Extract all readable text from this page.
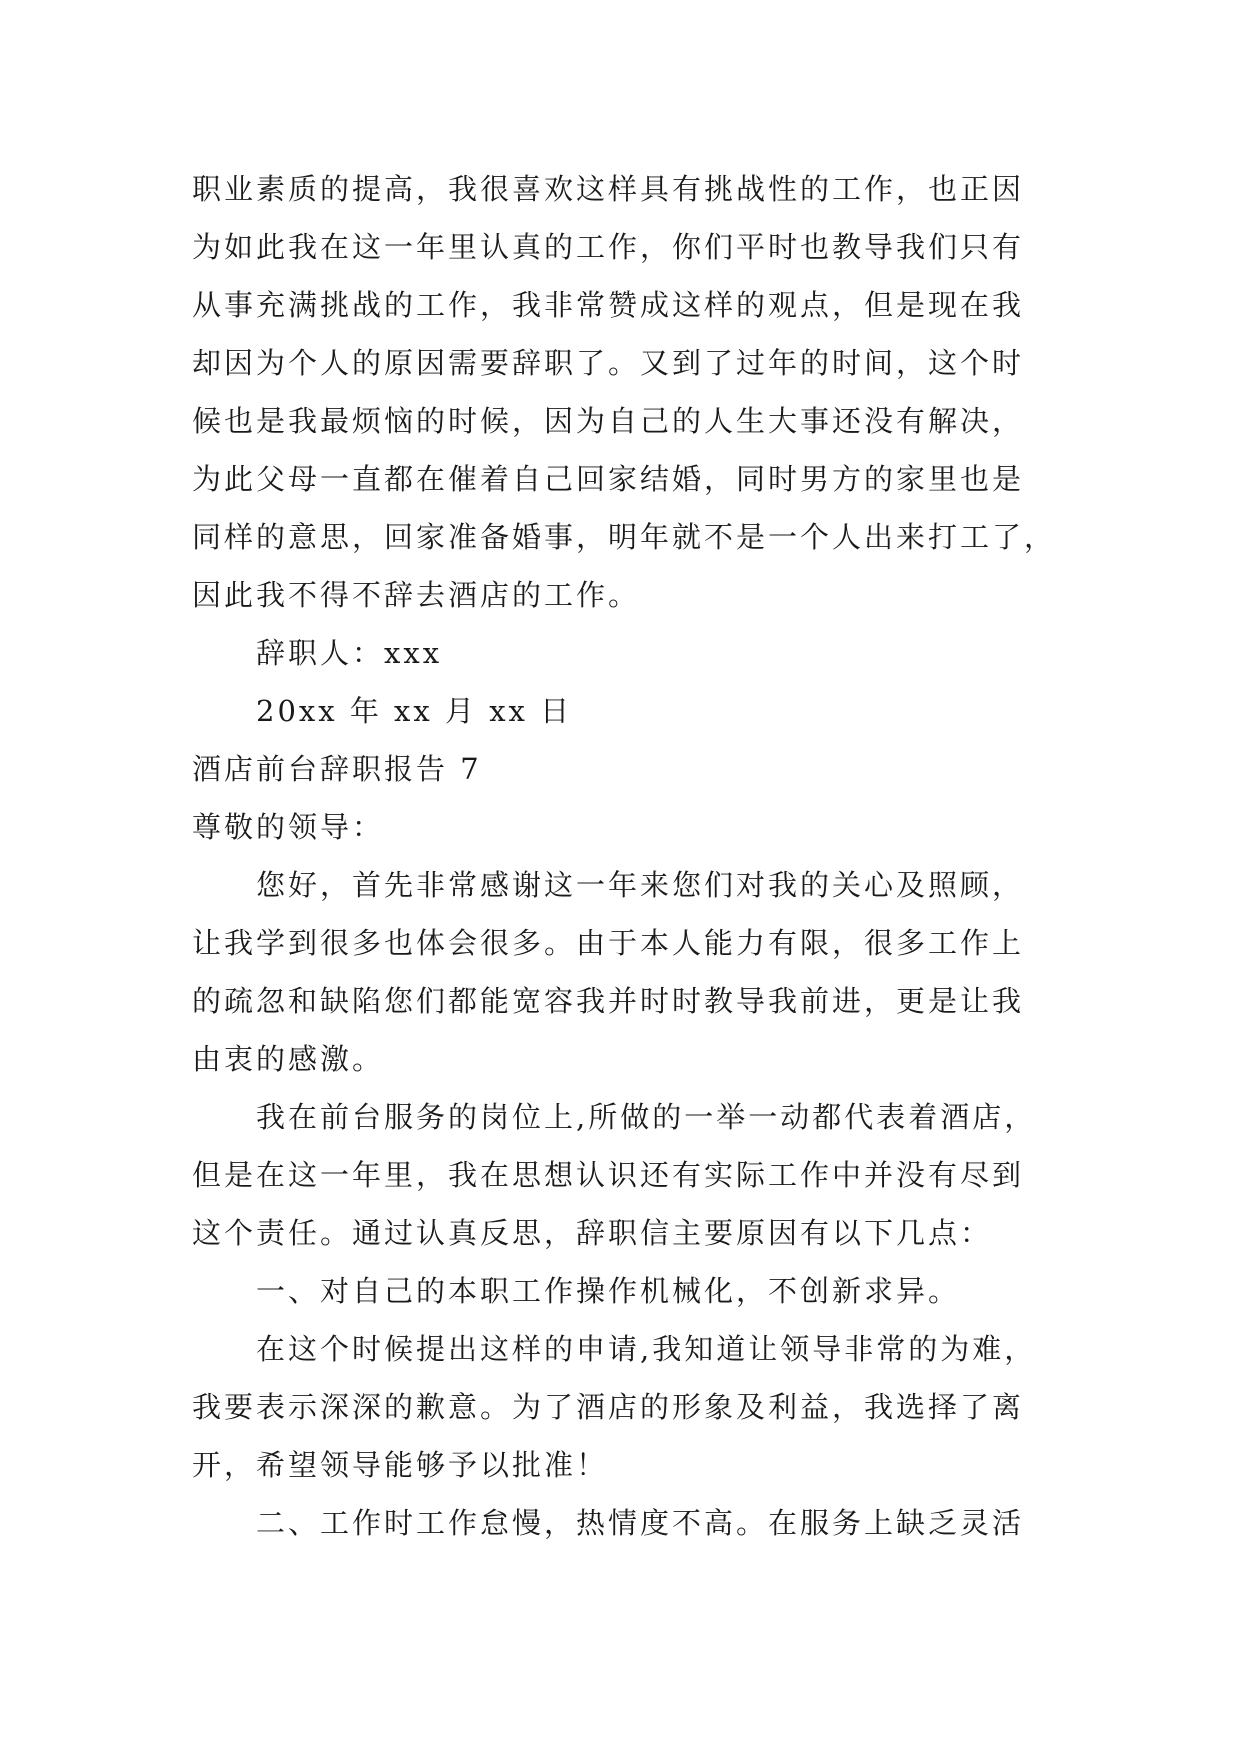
职业素质的提高，我很喜欢这样具有挑战性的工作，也正因
为如此我在这一年里认真的工作，你们平时也教导我们只有
从事充满挑战的工作，我非常赞成这样的观点，但是现在我
却因为个人的原因需要辞职了。又到了过年的时间，这个时
候也是我最烦恼的时候，因为自己的人生大事还没有解决，
为此父母一直都在催着自己回家结婚，同时男方的家里也是
同样的意思，回家准备婚事，明年就不是一个人出来打工了，
因此我不得不辞去酒店的工作。
辞职人：xxx
20xx 年 xx 月 xx 日
酒店前台辞职报告 7
尊敬的领导：
您好，首先非常感谢这一年来您们对我的关心及照顾，
让我学到很多也体会很多。由于本人能力有限，很多工作上
的疏忽和缺陷您们都能宽容我并时时教导我前进，更是让我
由衷的感激。
我在前台服务的岗位上,所做的一举一动都代表着酒店，
但是在这一年里，我在思想认识还有实际工作中并没有尽到
这个责任。通过认真反思，辞职信主要原因有以下几点：
一、对自己的本职工作操作机械化，不创新求异。
在这个时候提出这样的申请,我知道让领导非常的为难，
我要表示深深的歉意。为了酒店的形象及利益，我选择了离
开，希望领导能够予以批准！
二、工作时工作怠慢，热情度不高。在服务上缺乏灵活
